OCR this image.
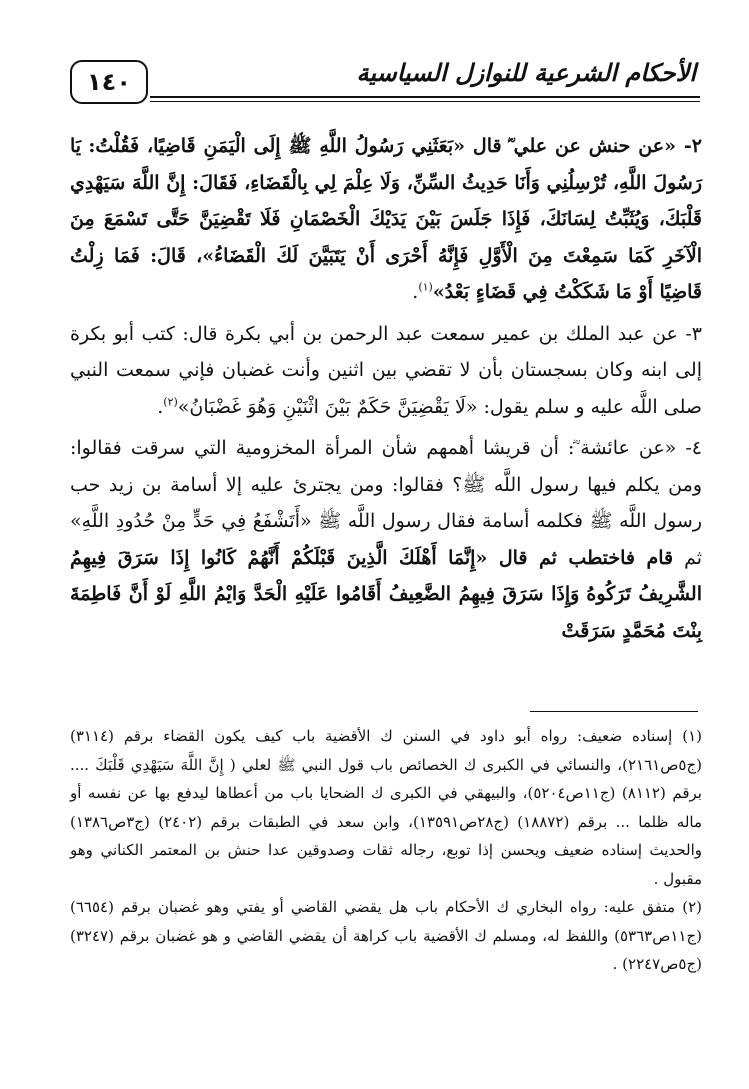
١٤٠	الأحكام الشرعية للنوازل السياسية

٢- «عن حنش عن علي ؓ قال «بَعَثَنِي رَسُولُ اللَّهِ ﷺ إِلَى الْيَمَنِ قَاضِيًا، فَقُلْتُ: يَا رَسُولَ اللَّهِ، تُرْسِلُنِي وَأَنَا حَدِيثُ السِّنِّ، وَلَا عِلْمَ لِي بِالْقَضَاءِ، فَقَالَ: إِنَّ اللَّهَ سَيَهْدِي قَلْبَكَ، وَيُثَبِّتُ لِسَانَكَ، فَإِذَا جَلَسَ بَيْنَ يَدَيْكَ الْخَصْمَانِ فَلَا تَقْضِيَنَّ حَتَّى تَسْمَعَ مِنَ الْآخَرِ كَمَا سَمِعْتَ مِنَ الْأَوَّلِ فَإِنَّهُ أَحْرَى أَنْ يَتَبَيَّنَ لَكَ الْقَضَاءُ»، قَالَ: فَمَا زِلْتُ قَاضِيًا أَوْ مَا شَكَكْتُ فِي قَضَاءٍ بَعْدُ»$^{(١)}$.

٣- عن عبد الملك بن عمير سمعت عبد الرحمن بن أبي بكرة قال: كتب أبو بكرة إلى ابنه وكان بسجستان بأن لا تقضي بين اثنين وأنت غضبان فإني سمعت النبي صلى اللَّه عليه و سلم يقول: «لَا يَقْضِيَنَّ حَكَمٌ بَيْنَ اثْنَيْنِ وَهُوَ غَضْبَانُ»$^{(٢)}$.

٤- «عن عائشة ؓ: أن قريشا أهمهم شأن المرأة المخزومية التي سرقت فقالوا: ومن يكلم فيها رسول اللَّه ﷺ؟ فقالوا: ومن يجترئ عليه إلا أسامة بن زيد حب رسول اللَّه ﷺ فكلمه أسامة فقال رسول اللَّه ﷺ «أَتَشْفَعُ فِي حَدٍّ مِنْ حُدُودِ اللَّهِ» ثم قام فاختطب ثم قال «إِنَّمَا أَهْلَكَ الَّذِينَ قَبْلَكُمْ أَنَّهُمْ كَانُوا إِذَا سَرَقَ فِيهِمُ الشَّرِيفُ تَرَكُوهُ وَإِذَا سَرَقَ فِيهِمُ الضَّعِيفُ أَقَامُوا عَلَيْهِ الْحَدَّ وَايْمُ اللَّهِ لَوْ أَنَّ فَاطِمَةَ بِنْتَ مُحَمَّدٍ سَرَقَتْ

(١) إسناده ضعيف: رواه أبو داود في السنن ك الأقضية باب كيف يكون القضاء برقم (٣١١٤) (ج٥ص٢١٦١)، والنسائي في الكبرى ك الخصائص باب قول النبي ﷺ لعلي ( إِنَّ اللَّهَ سَيَهْدِي قَلْبَكَ .... برقم (٨١١٢) (ج١١ص٥٢٠٤)، والبيهقي في الكبرى ك الضحايا باب من أعطاها ليدفع بها عن نفسه أو ماله ظلما ... برقم (١٨٨٧٢) (ج٢٨ص١٣٥٩١)، وابن سعد في الطبقات برقم (٢٤٠٢) (ج٣ص١٣٨٦) والحديث إسناده ضعيف ويحسن إذا توبع، رجاله ثقات وصدوقين عدا حنش بن المعتمر الكناني وهو مقبول .

(٢) متفق عليه: رواه البخاري ك الأحكام باب هل يقضي القاضي أو يفتي وهو غضبان برقم (٦٦٥٤) (ج١١ص٥٣٦٣) واللفظ له، ومسلم ك الأقضية باب كراهة أن يقضي القاضي و هو غضبان برقم (٣٢٤٧) (ج٥ص٢٢٤٧) .
